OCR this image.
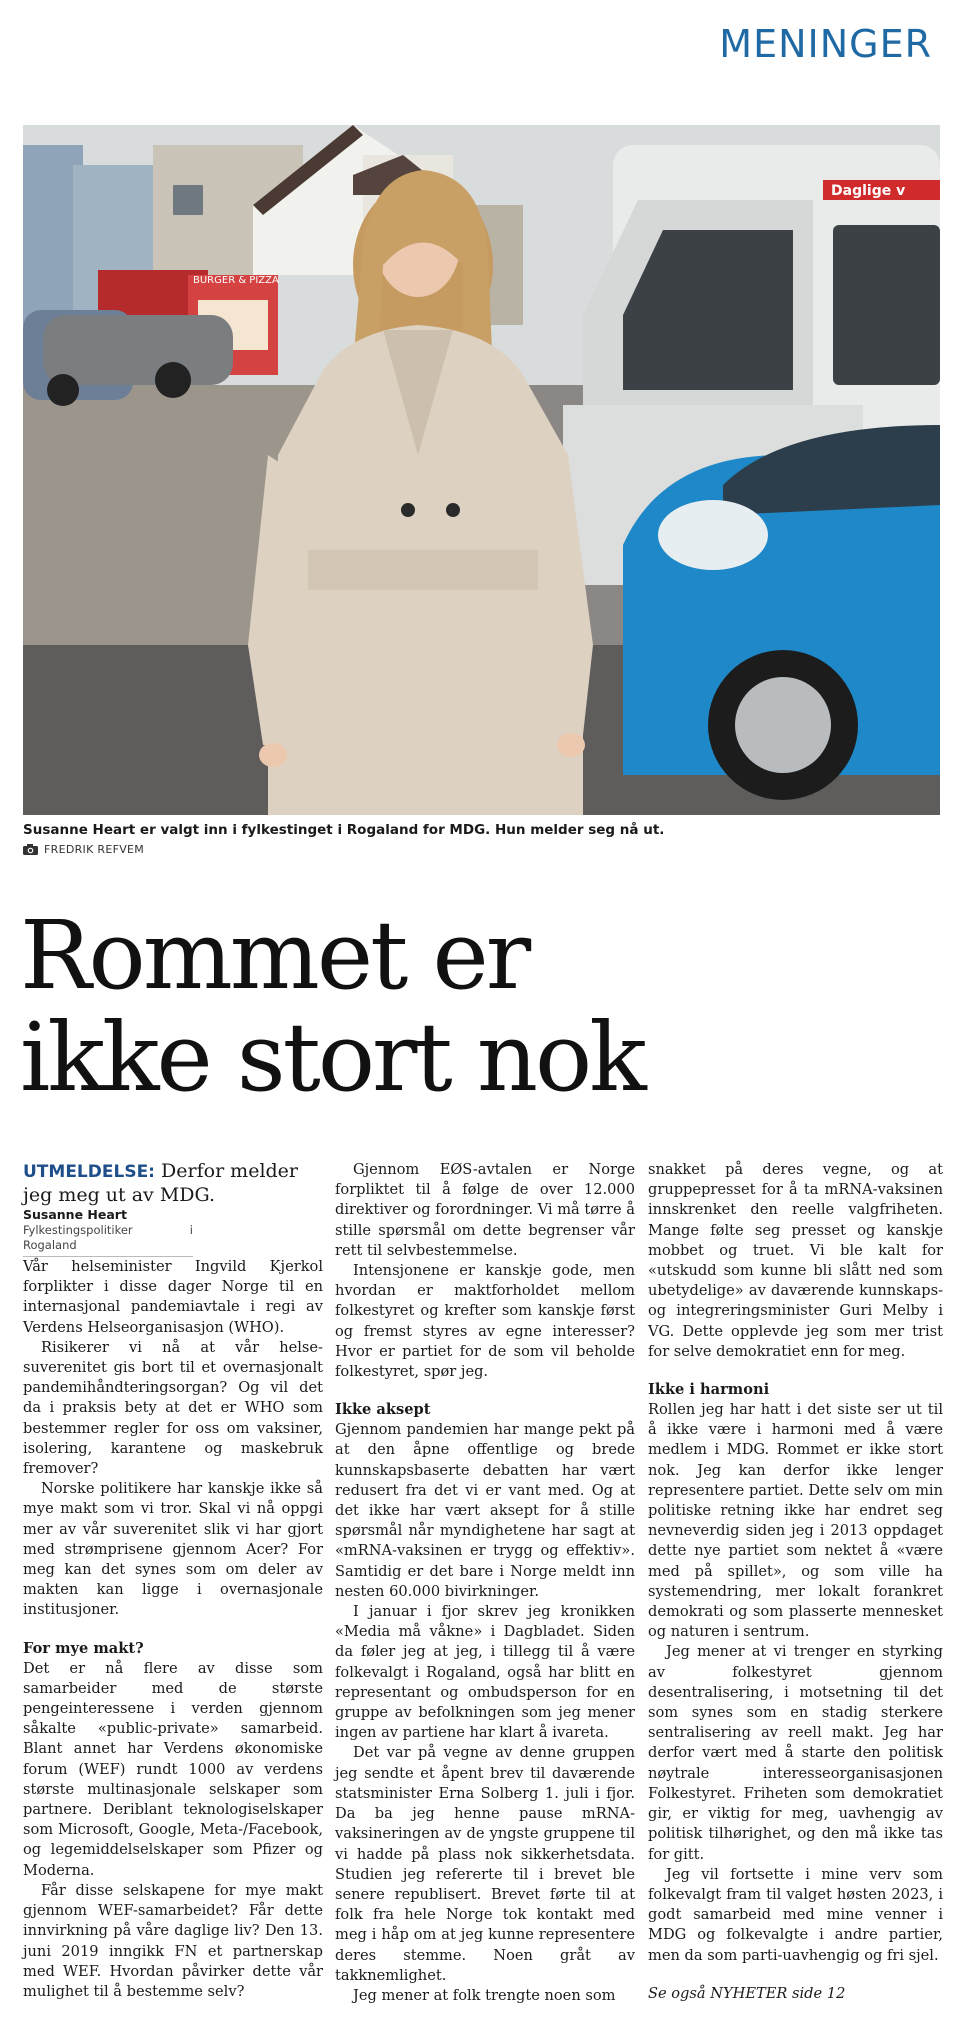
MENINGER
BURGER & PIZZA
Daglige v
Susanne Heart er valgt inn i fylkestinget i Rogaland for MDG. Hun melder seg nå ut.
FREDRIK REFVEM
Rommet er
ikke stort nok

UTMELDELSE: Derfor melder jeg meg ut av MDG.

Susanne Heart

Fylkestingspolitiker i Rogaland

Vår helseminister Ingvild Kjerkol forplikter i disse dager Norge til en internasjonal pandemiavtale i regi av Verdens Helseorganisasjon (WHO).

Risikerer vi nå at vår helse-suverenitet gis bort til et overnasjonalt pandemihåndteringsorgan? Og vil det da i praksis bety at det er WHO som bestemmer regler for oss om vaksiner, isolering, karantene og maskebruk fremover?

Norske politikere har kanskje ikke så mye makt som vi tror. Skal vi nå oppgi mer av vår suverenitet slik vi har gjort med strømprisene gjennom Acer? For meg kan det synes som om deler av makten kan ligge i overnasjonale institusjoner.

For mye makt?

Det er nå flere av disse som samarbeider med de største pengeinteressene i verden gjennom såkalte «public-private» samarbeid. Blant annet har Verdens økonomiske forum (WEF) rundt 1000 av verdens største multinasjonale selskaper som partnere. Deriblant teknologiselskaper som Microsoft, Google, Meta-/Facebook, og legemiddelselskaper som Pfizer og Moderna.

Får disse selskapene for mye makt gjennom WEF-samarbeidet? Får dette innvirkning på våre daglige liv? Den 13. juni 2019 inngikk FN et partnerskap med WEF. Hvordan påvirker dette vår mulighet til å bestemme selv?

Gjennom EØS-avtalen er Norge forpliktet til å følge de over 12.000 direktiver og forordninger. Vi må tørre å stille spørsmål om dette begrenser vår rett til selvbestemmelse.

Intensjonene er kanskje gode, men hvordan er maktforholdet mellom folkestyret og krefter som kanskje først og fremst styres av egne interesser? Hvor er partiet for de som vil beholde folkestyret, spør jeg.

Ikke aksept

Gjennom pandemien har mange pekt på at den åpne offentlige og brede kunnskapsbaserte debatten har vært redusert fra det vi er vant med. Og at det ikke har vært aksept for å stille spørsmål når myndighetene har sagt at «mRNA-vaksinen er trygg og effektiv». Samtidig er det bare i Norge meldt inn nesten 60.000 bivirkninger.

I januar i fjor skrev jeg kronikken «Media må våkne» i Dagbladet. Siden da føler jeg at jeg, i tillegg til å være folkevalgt i Rogaland, også har blitt en representant og ombudsperson for en gruppe av befolkningen som jeg mener ingen av partiene har klart å ivareta.

Det var på vegne av denne gruppen jeg sendte et åpent brev til daværende statsminister Erna Solberg 1. juli i fjor. Da ba jeg henne pause mRNA-vaksineringen av de yngste gruppene til vi hadde på plass nok sikkerhetsdata. Studien jeg refererte til i brevet ble senere republisert. Brevet førte til at folk fra hele Norge tok kontakt med meg i håp om at jeg kunne representere deres stemme. Noen gråt av takknemlighet.

Jeg mener at folk trengte noen som

snakket på deres vegne, og at gruppepresset for å ta mRNA-vaksinen innskrenket den reelle valgfriheten. Mange følte seg presset og kanskje mobbet og truet. Vi ble kalt for «utskudd som kunne bli slått ned som ubetydelige» av daværende kunnskaps- og integreringsminister Guri Melby i VG. Dette opplevde jeg som mer trist for selve demokratiet enn for meg.

Ikke i harmoni

Rollen jeg har hatt i det siste ser ut til å ikke være i harmoni med å være medlem i MDG. Rommet er ikke stort nok. Jeg kan derfor ikke lenger representere partiet. Dette selv om min politiske retning ikke har endret seg nevneverdig siden jeg i 2013 oppdaget dette nye partiet som nektet å «være med på spillet», og som ville ha systemendring, mer lokalt forankret demokrati og som plasserte mennesket og naturen i sentrum.

Jeg mener at vi trenger en styrking av folkestyret gjennom desentralisering, i motsetning til det som synes som en stadig sterkere sentralisering av reell makt. Jeg har derfor vært med å starte den politisk nøytrale interesseorganisasjonen Folkestyret. Friheten som demokratiet gir, er viktig for meg, uavhengig av politisk tilhørighet, og den må ikke tas for gitt.

Jeg vil fortsette i mine verv som folkevalgt fram til valget høsten 2023, i godt samarbeid med mine venner i MDG og folkevalgte i andre partier, men da som parti-uavhengig og fri sjel.

Se også NYHETER side 12
